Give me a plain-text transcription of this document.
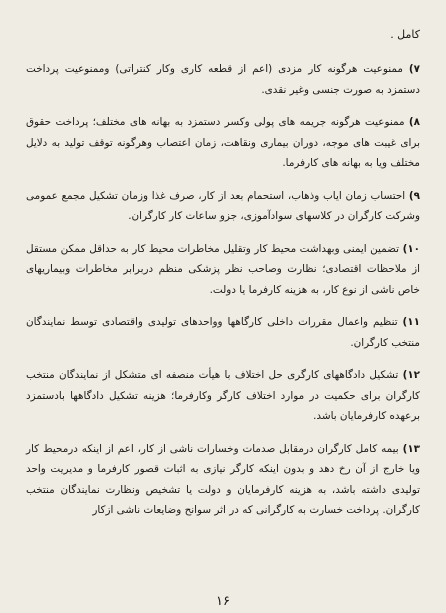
کامل .

۷) ممنوعیت هرگونه کار مزدی (اعم از قطعه کاری وکار کنتراتی) وممنوعیت پرداخت دستمزد به صورت جنسی وغیر نقدی.

۸) ممنوعیت هرگونه جریمه های پولی وکسر دستمزد به بهانه های مختلف؛ پرداخت حقوق برای غیبت های موجه، دوران بیماری ونقاهت، زمان اعتصاب وهرگونه توقف تولید به دلایل مختلف ویا به بهانه های کارفرما.

۹) احتساب زمان ایاب وذهاب، استحمام بعد از کار، صرف غذا وزمان تشکیل مجمع عمومی وشرکت کارگران در کلاسهای سوادآموزی، جزو ساعات کار کارگران.

۱۰) تضمین ایمنی وبهداشت محیط کار وتقلیل مخاطرات محیط کار به حداقل ممکن مستقل از ملاحظات اقتصادی؛ نظارت وصاحب نظر پزشکی منظم دربرابر مخاطرات وبیماریهای خاص ناشی از نوع کار، به هزینه کارفرما یا دولت.

۱۱) تنظیم واعمال مقررات داخلی کارگاهها وواحدهای تولیدی واقتصادی توسط نمایندگان منتخب کارگران.

۱۲) تشکیل دادگاههای کارگری حل اختلاف با هیأت منصفه ای متشکل از نمایندگان منتخب کارگران برای حکمیت در موارد اختلاف کارگر وکارفرما؛ هزینه تشکیل دادگاهها بادستمزد برعهده کارفرمایان باشد.

۱۳) بیمه کامل کارگران درمقابل صدمات وخسارات ناشی از کار، اعم از اینکه درمحیط کار ویا خارج از آن رخ دهد و بدون اینکه کارگر نیازی به اثبات قصور کارفرما و مدیریت واحد تولیدی داشته باشد، به هزینه کارفرمایان و دولت یا تشخیص ونظارت نمایندگان منتخب کارگران. پرداخت خسارت به کارگرانی که در اثر سوانح وضایعات ناشی ازکار

۱۶
